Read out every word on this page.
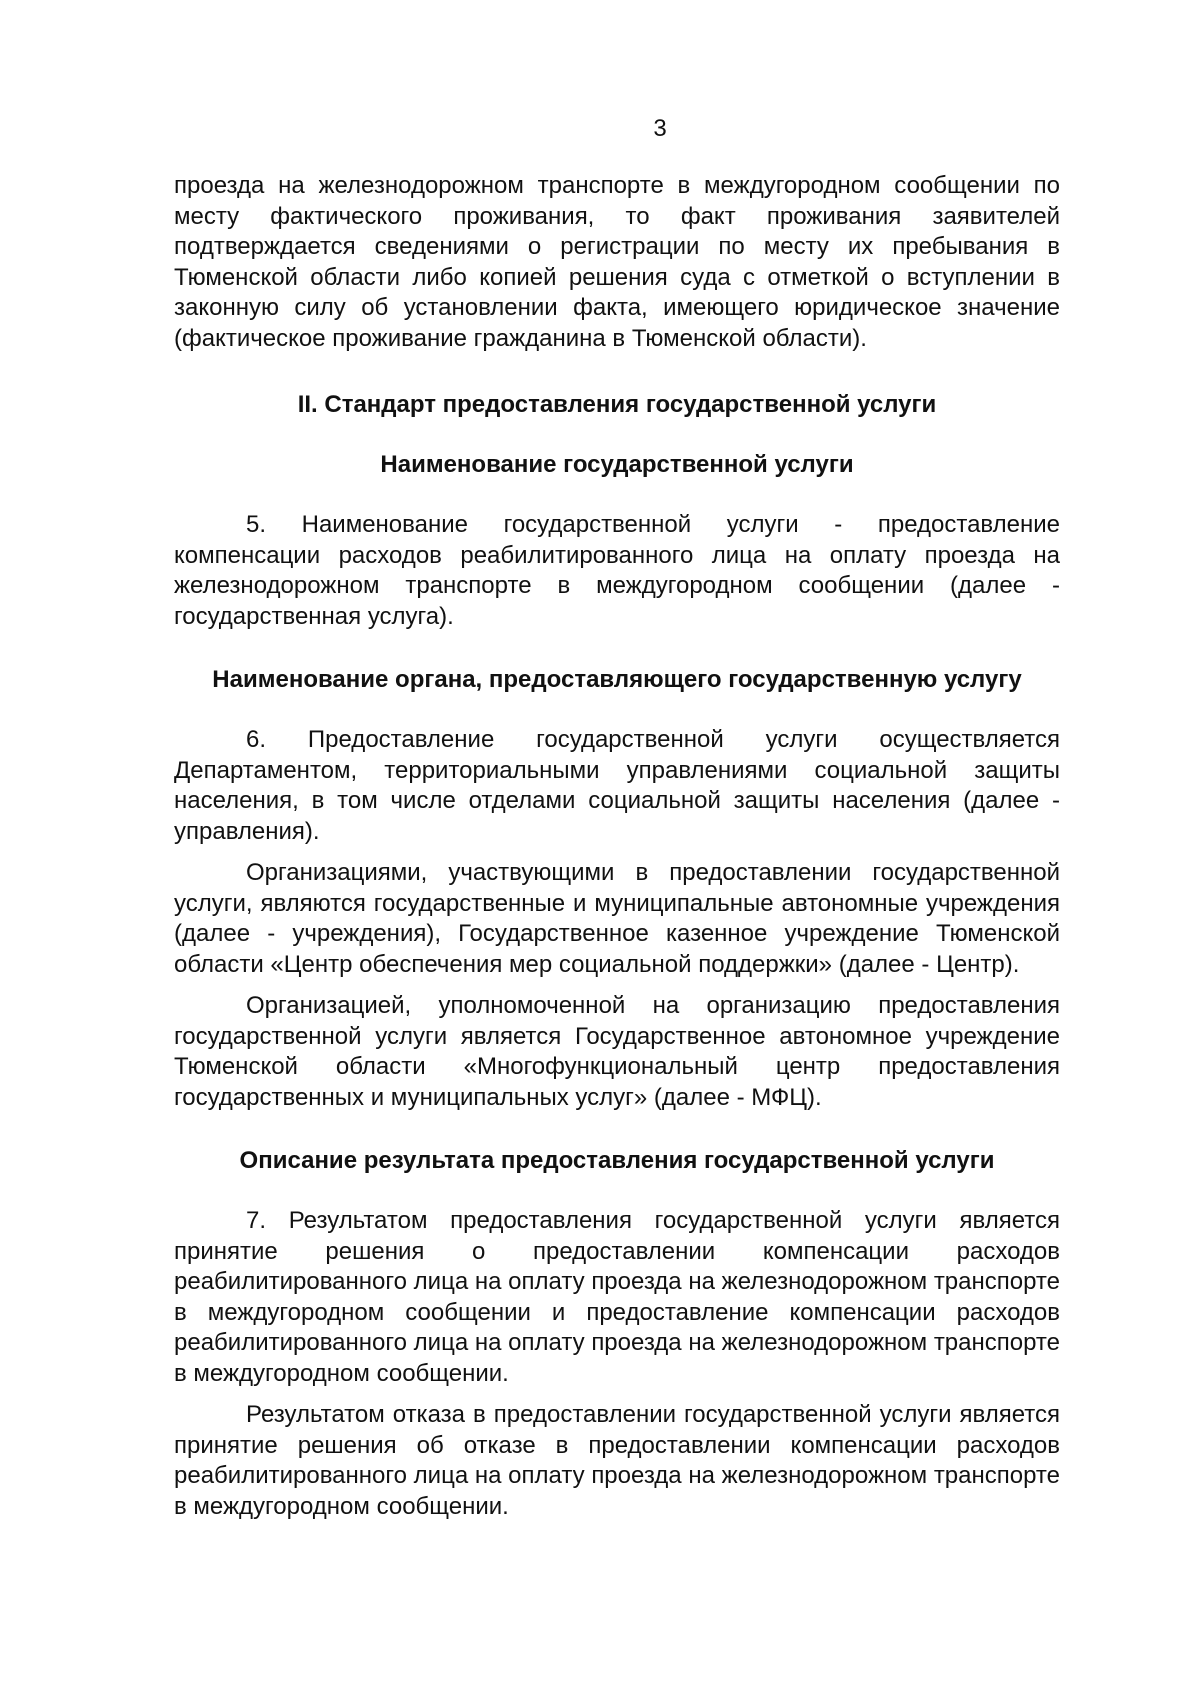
3

проезда на железнодорожном транспорте в междугородном сообщении по месту фактического проживания, то факт проживания заявителей подтверждается сведениями о регистрации по месту их пребывания в Тюменской области либо копией решения суда с отметкой о вступлении в законную силу об установлении факта, имеющего юридическое значение (фактическое проживание гражданина в Тюменской области).

II. Стандарт предоставления государственной услуги
Наименование государственной услуги

5. Наименование государственной услуги - предоставление компенсации расходов реабилитированного лица на оплату проезда на железнодорожном транспорте в междугородном сообщении (далее - государственная услуга).

Наименование органа, предоставляющего государственную услугу

6. Предоставление государственной услуги осуществляется Департаментом, территориальными управлениями социальной защиты населения, в том числе отделами социальной защиты населения (далее - управления).

Организациями, участвующими в предоставлении государственной услуги, являются государственные и муниципальные автономные учреждения (далее - учреждения), Государственное казенное учреждение Тюменской области «Центр обеспечения мер социальной поддержки» (далее - Центр).

Организацией, уполномоченной на организацию предоставления государственной услуги является Государственное автономное учреждение Тюменской области «Многофункциональный центр предоставления государственных и муниципальных услуг» (далее - МФЦ).

Описание результата предоставления государственной услуги

7. Результатом предоставления государственной услуги является принятие решения о предоставлении компенсации расходов реабилитированного лица на оплату проезда на железнодорожном транспорте в междугородном сообщении и предоставление компенсации расходов реабилитированного лица на оплату проезда на железнодорожном транспорте в междугородном сообщении.

Результатом отказа в предоставлении государственной услуги является принятие решения об отказе в предоставлении компенсации расходов реабилитированного лица на оплату проезда на железнодорожном транспорте в междугородном сообщении.
